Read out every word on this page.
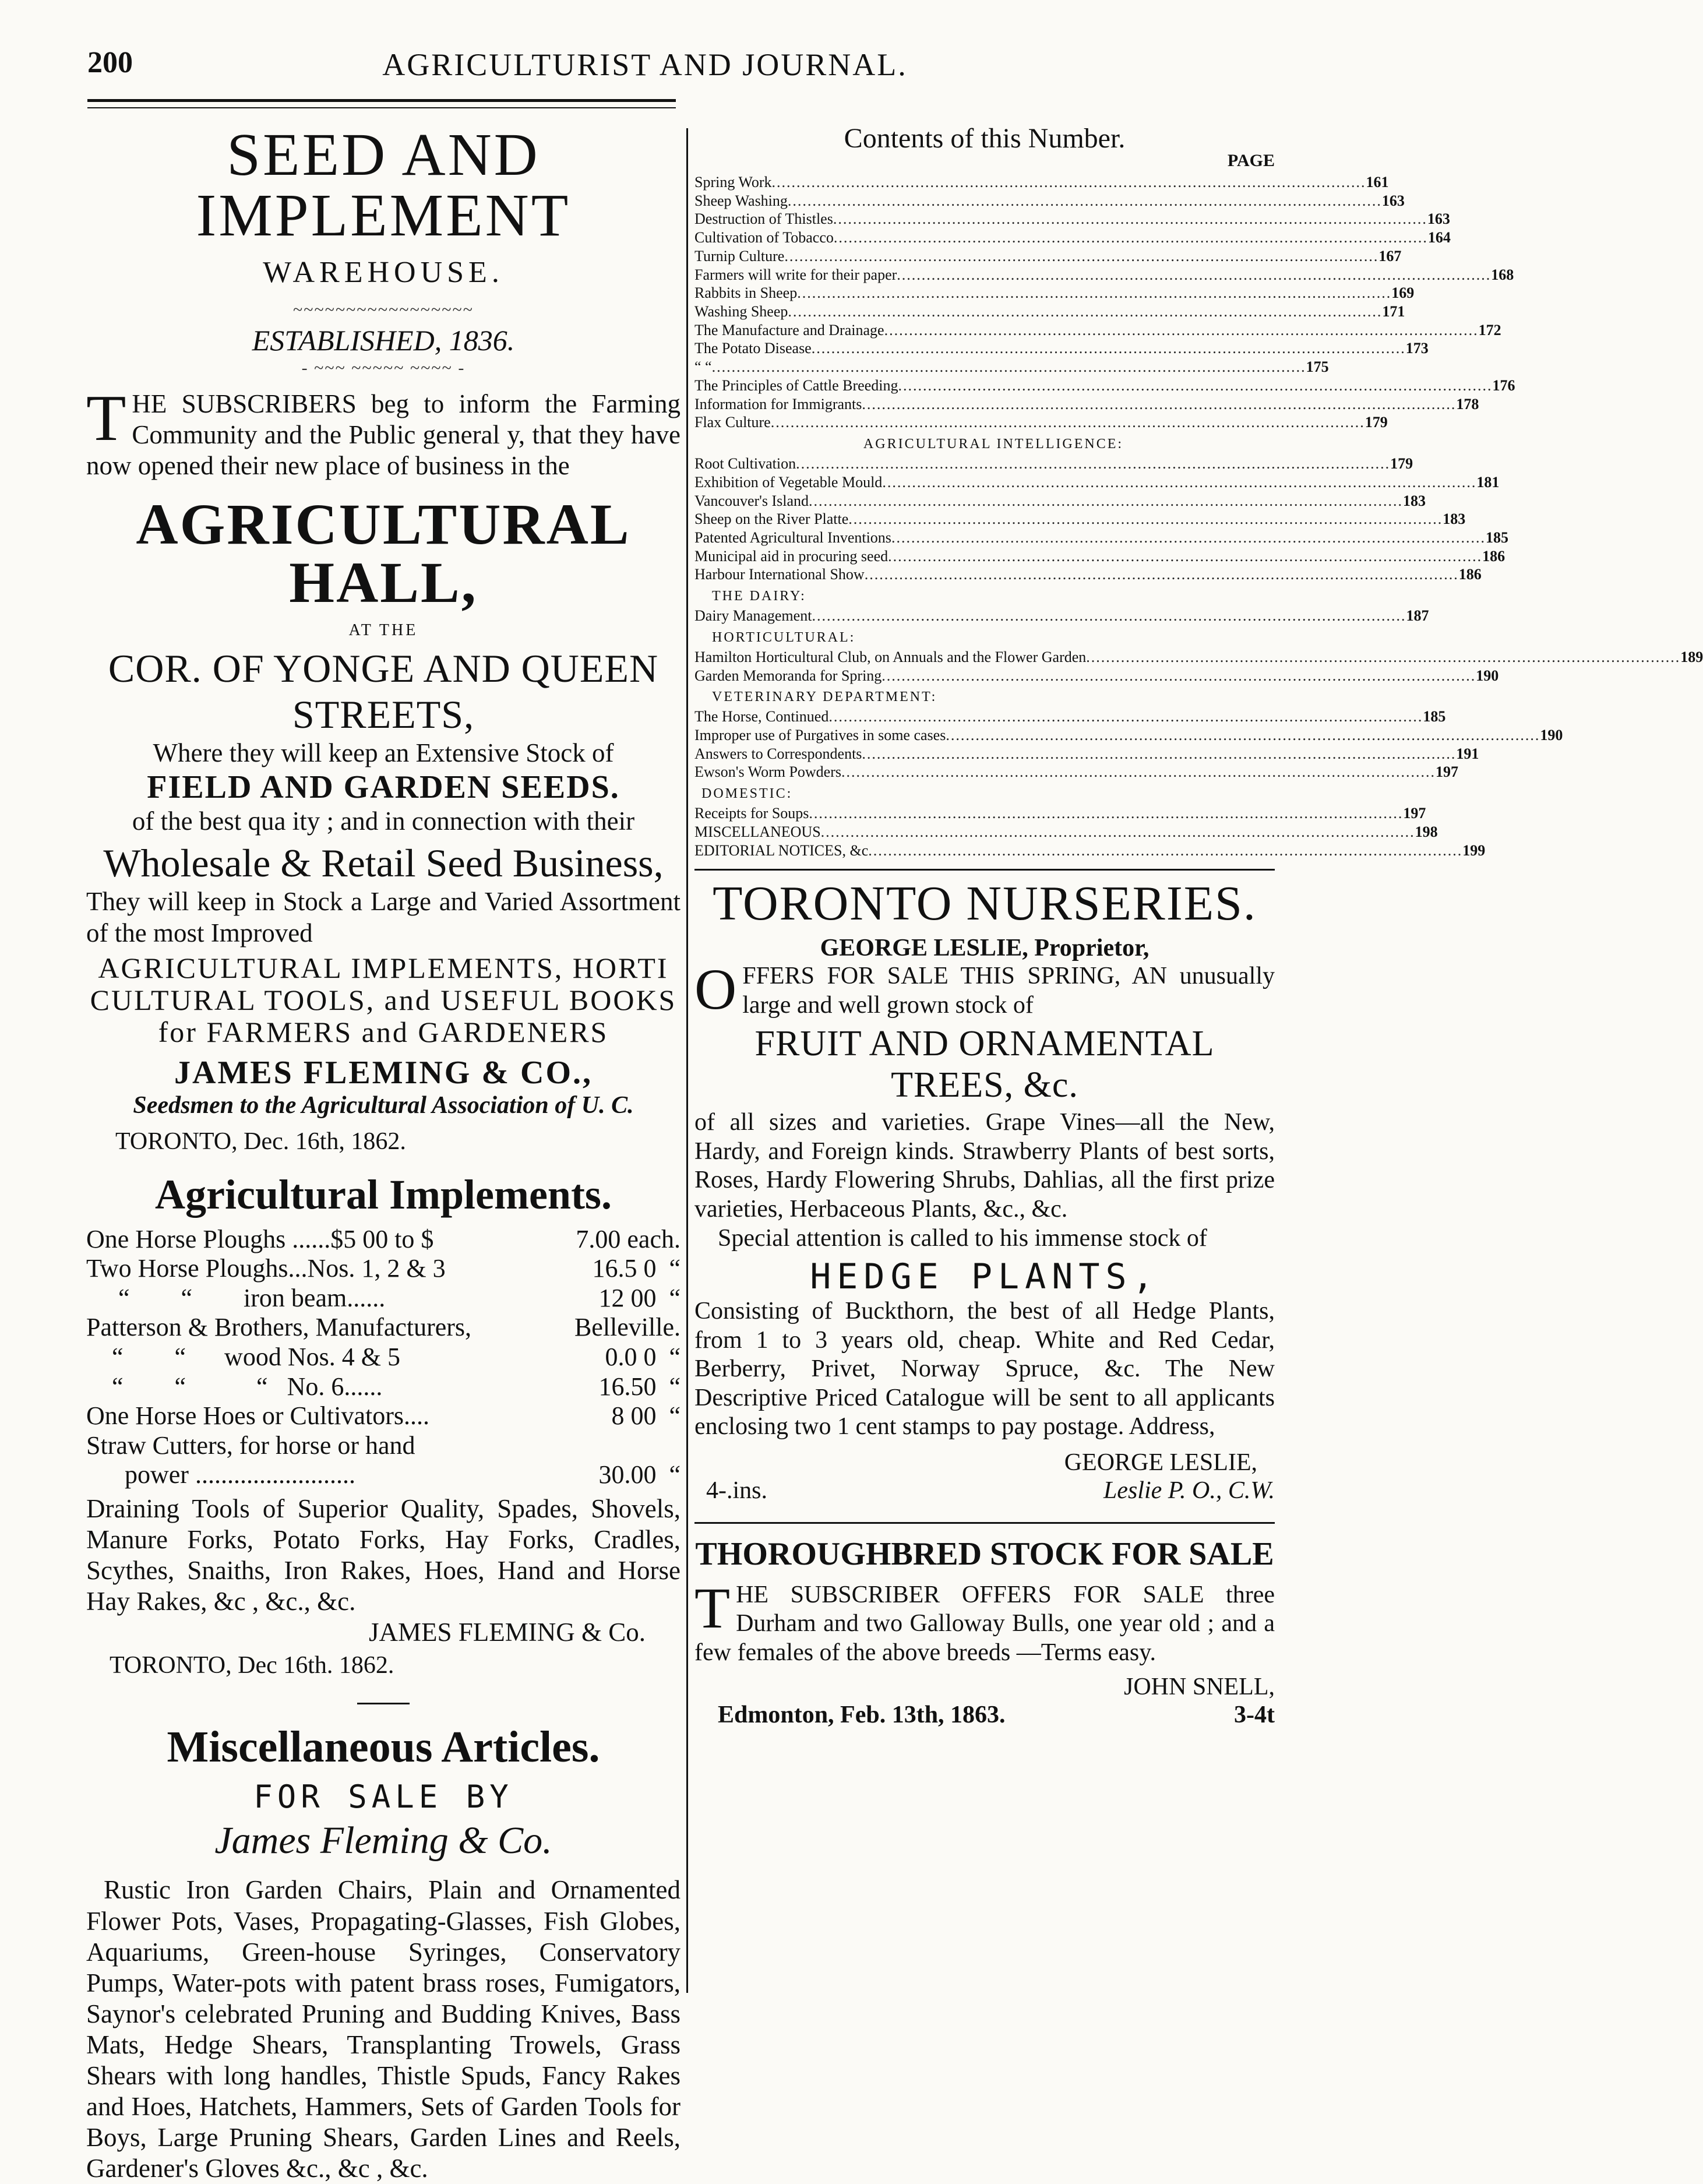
200	AGRICULTURIST AND JOURNAL.
SEED AND IMPLEMENT
WAREHOUSE.
~~~~~~~~~~~~~~~~~
ESTABLISHED, 1836.
- ~~~ ~~~~~ ~~~~ -
THE SUBSCRIBERS beg to inform the Farming Community and the Public general y, that they have now opened their new place of business in the
AGRICULTURAL HALL,
AT THE
COR. OF YONGE AND QUEEN STREETS,
Where they will keep an Extensive Stock of
FIELD AND GARDEN SEEDS.
of the best qua ity ; and in connection with their
Wholesale & Retail Seed Business,
They will keep in Stock a Large and Varied Assortment of the most Improved
AGRICULTURAL IMPLEMENTS, HORTI
CULTURAL TOOLS, and USEFUL BOOKS
for FARMERS and GARDENERS
JAMES FLEMING & CO.,
Seedsmen to the Agricultural Association of U. C.
TORONTO, Dec. 16th, 1862.
Agricultural Implements.
One Horse Ploughs ......$5 00 to $	7.00 each.
Two Horse Ploughs...Nos. 1, 2 & 3	16.5 0  “
“        “        iron beam......	12 00  “
Patterson & Brothers, Manufacturers,	Belleville.
“        “      wood Nos. 4 & 5	0.0 0  “
“        “           “   No. 6......	16.50  “
One Horse Hoes or Cultivators....	8 00  “
Straw Cutters, for horse or hand
power .........................	30.00  “
Draining Tools of Superior Quality, Spades, Shovels, Manure Forks, Potato Forks, Hay Forks, Cradles, Scythes, Snaiths, Iron Rakes, Hoes, Hand and Horse Hay Rakes, &c , &c., &c.
JAMES FLEMING & Co.
TORONTO, Dec 16th. 1862.
Miscellaneous Articles.
FOR SALE BY
James Fleming & Co.
Rustic Iron Garden Chairs, Plain and Ornamented Flower Pots, Vases, Propagating-Glasses, Fish Globes, Aquariums, Green-house Syringes, Conservatory Pumps, Water-pots with patent brass roses, Fumigators, Saynor's celebrated Pruning and Budding Knives, Bass Mats, Hedge Shears, Transplanting Trowels, Grass Shears with long handles, Thistle Spuds, Fancy Rakes and Hoes, Hatchets, Hammers, Sets of Garden Tools for Boys, Large Pruning Shears, Garden Lines and Reels, Gardener's Gloves &c., &c , &c.
Contents of this Number.
PAGE
Spring Work ........................................................................................................................ 161
Sheep Washing ........................................................................................................................ 163
Destruction of Thistles ........................................................................................................................ 163
Cultivation of Tobacco ........................................................................................................................ 164
Turnip Culture ........................................................................................................................ 167
Farmers will write for their paper ........................................................................................................................ 168
Rabbits in Sheep ........................................................................................................................ 169
Washing Sheep ........................................................................................................................ 171
The Manufacture and Drainage ........................................................................................................................ 172
The Potato Disease ........................................................................................................................ 173
“ “ ........................................................................................................................ 175
The Principles of Cattle Breeding ........................................................................................................................ 176
Information for Immigrants ........................................................................................................................ 178
Flax Culture ........................................................................................................................ 179
AGRICULTURAL INTELLIGENCE:
Root Cultivation ........................................................................................................................ 179
Exhibition of Vegetable Mould ........................................................................................................................ 181
Vancouver's Island ........................................................................................................................ 183
Sheep on the River Platte ........................................................................................................................ 183
Patented Agricultural Inventions ........................................................................................................................ 185
Municipal aid in procuring seed ........................................................................................................................ 186
Harbour International Show ........................................................................................................................ 186
THE DAIRY:
Dairy Management ........................................................................................................................ 187
HORTICULTURAL:
Hamilton Horticultural Club, on Annuals and the Flower Garden ........................................................................................................................ 189
Garden Memoranda for Spring ........................................................................................................................ 190
VETERINARY DEPARTMENT:
The Horse, Continued ........................................................................................................................ 185
Improper use of Purgatives in some cases ........................................................................................................................ 190
Answers to Correspondents ........................................................................................................................ 191
Ewson's Worm Powders ........................................................................................................................ 197
DOMESTIC:
Receipts for Soups ........................................................................................................................ 197
MISCELLANEOUS ........................................................................................................................ 198
EDITORIAL NOTICES, &c ........................................................................................................................ 199
TORONTO NURSERIES.
GEORGE LESLIE, Proprietor,
OFFERS FOR SALE THIS SPRING, AN unusually large and well grown stock of
FRUIT AND ORNAMENTAL TREES, &c.
of all sizes and varieties. Grape Vines—all the New, Hardy, and Foreign kinds. Strawberry Plants of best sorts, Roses, Hardy Flowering Shrubs, Dahlias, all the first prize varieties, Herbaceous Plants, &c., &c.
Special attention is called to his immense stock of
HEDGE PLANTS,
Consisting of Buckthorn, the best of all Hedge Plants, from 1 to 3 years old, cheap. White and Red Cedar, Berberry, Privet, Norway Spruce, &c. The New Descriptive Priced Catalogue will be sent to all applicants enclosing two 1 cent stamps to pay postage. Address,
GEORGE LESLIE,
4-.ins.	Leslie P. O., C.W.
THOROUGHBRED STOCK FOR SALE
THE SUBSCRIBER OFFERS FOR SALE three Durham and two Galloway Bulls, one year old ; and a few females of the above breeds —Terms easy.
JOHN SNELL,
Edmonton, Feb. 13th, 1863.	3-4t
